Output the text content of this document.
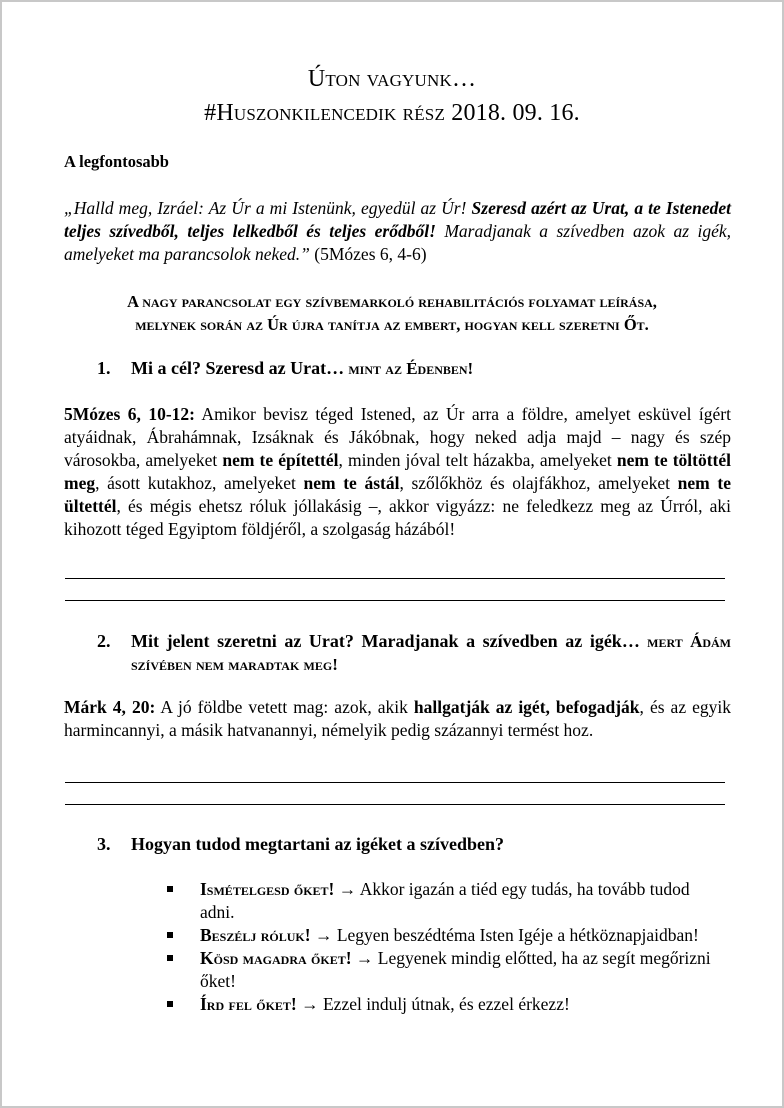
Úton vagyunk…
#Huszonkilencedik rész 2018. 09. 16.
A legfontosabb
„Halld meg, Izráel: Az Úr a mi Istenünk, egyedül az Úr! Szeresd azért az Urat, a te Istenedet teljes szívedből, teljes lelkedből és teljes erődből! Maradjanak a szívedben azok az igék, amelyeket ma parancsolok neked.” (5Mózes 6, 4-6)
A nagy parancsolat egy szívbemarkoló rehabilitációs folyamat leírása,
melynek során az Úr újra tanítja az embert, hogyan kell szeretni Őt.
1. Mi a cél? Szeresd az Urat… mint az Édenben!
5Mózes 6, 10-12: Amikor bevisz téged Istened, az Úr arra a földre, amelyet esküvel ígért atyáidnak, Ábrahámnak, Izsáknak és Jákóbnak, hogy neked adja majd – nagy és szép városokba, amelyeket nem te építettél, minden jóval telt házakba, amelyeket nem te töltöttél meg, ásott kutakhoz, amelyeket nem te ástál, szőlőkhöz és olajfákhoz, amelyeket nem te ültettél, és mégis ehetsz róluk jóllakásig –, akkor vigyázz: ne feledkezz meg az Úrról, aki kihozott téged Egyiptom földjéről, a szolgaság házából!
2. Mit jelent szeretni az Urat? Maradjanak a szívedben az igék… mert Ádám szívében nem maradtak meg!
Márk 4, 20: A jó földbe vetett mag: azok, akik hallgatják az igét, befogadják, és az egyik harmincannyi, a másik hatvanannyi, némelyik pedig százannyi termést hoz.
3. Hogyan tudod megtartani az igéket a szívedben?
Ismételgesd őket! → Akkor igazán a tiéd egy tudás, ha tovább tudod adni.
Beszélj róluk! → Legyen beszédtéma Isten Igéje a hétköznapjaidban!
Kösd magadra őket! → Legyenek mindig előtted, ha az segít megőrizni őket!
Írd fel őket! → Ezzel indulj útnak, és ezzel érkezz!
